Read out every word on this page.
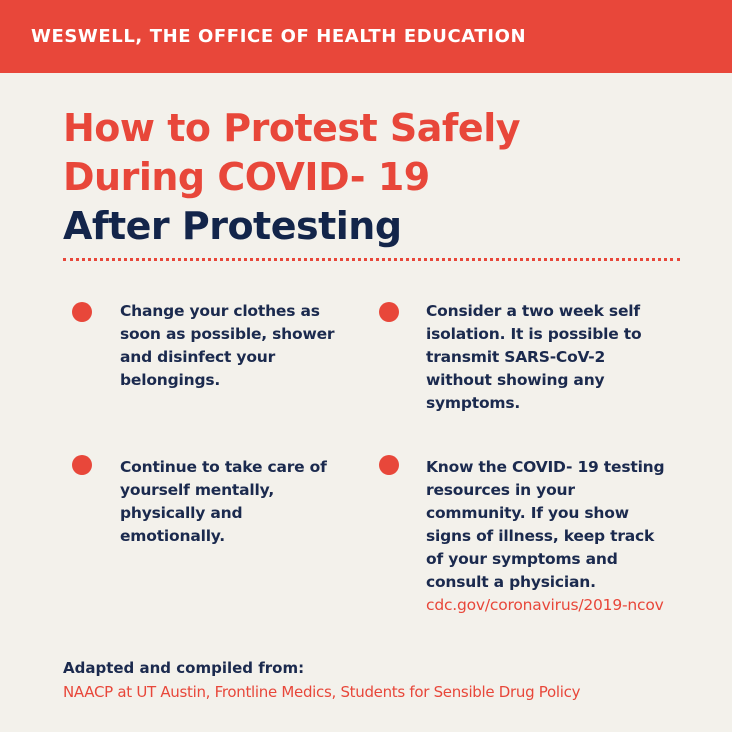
WESWELL, THE OFFICE OF HEALTH EDUCATION
How to Protest Safely
During COVID- 19
After Protesting
Change your clothes as soon as possible, shower and disinfect your belongings.
Consider a two week self isolation. It is possible to transmit SARS-CoV-2 without showing any symptoms.
Continue to take care of yourself mentally, physically and emotionally.
Know the COVID- 19 testing resources in your community. If you show signs of illness, keep track of your symptoms and consult a physician.
cdc.gov/coronavirus/2019-ncov
Adapted and compiled from:
NAACP at UT Austin, Frontline Medics, Students for Sensible Drug Policy
